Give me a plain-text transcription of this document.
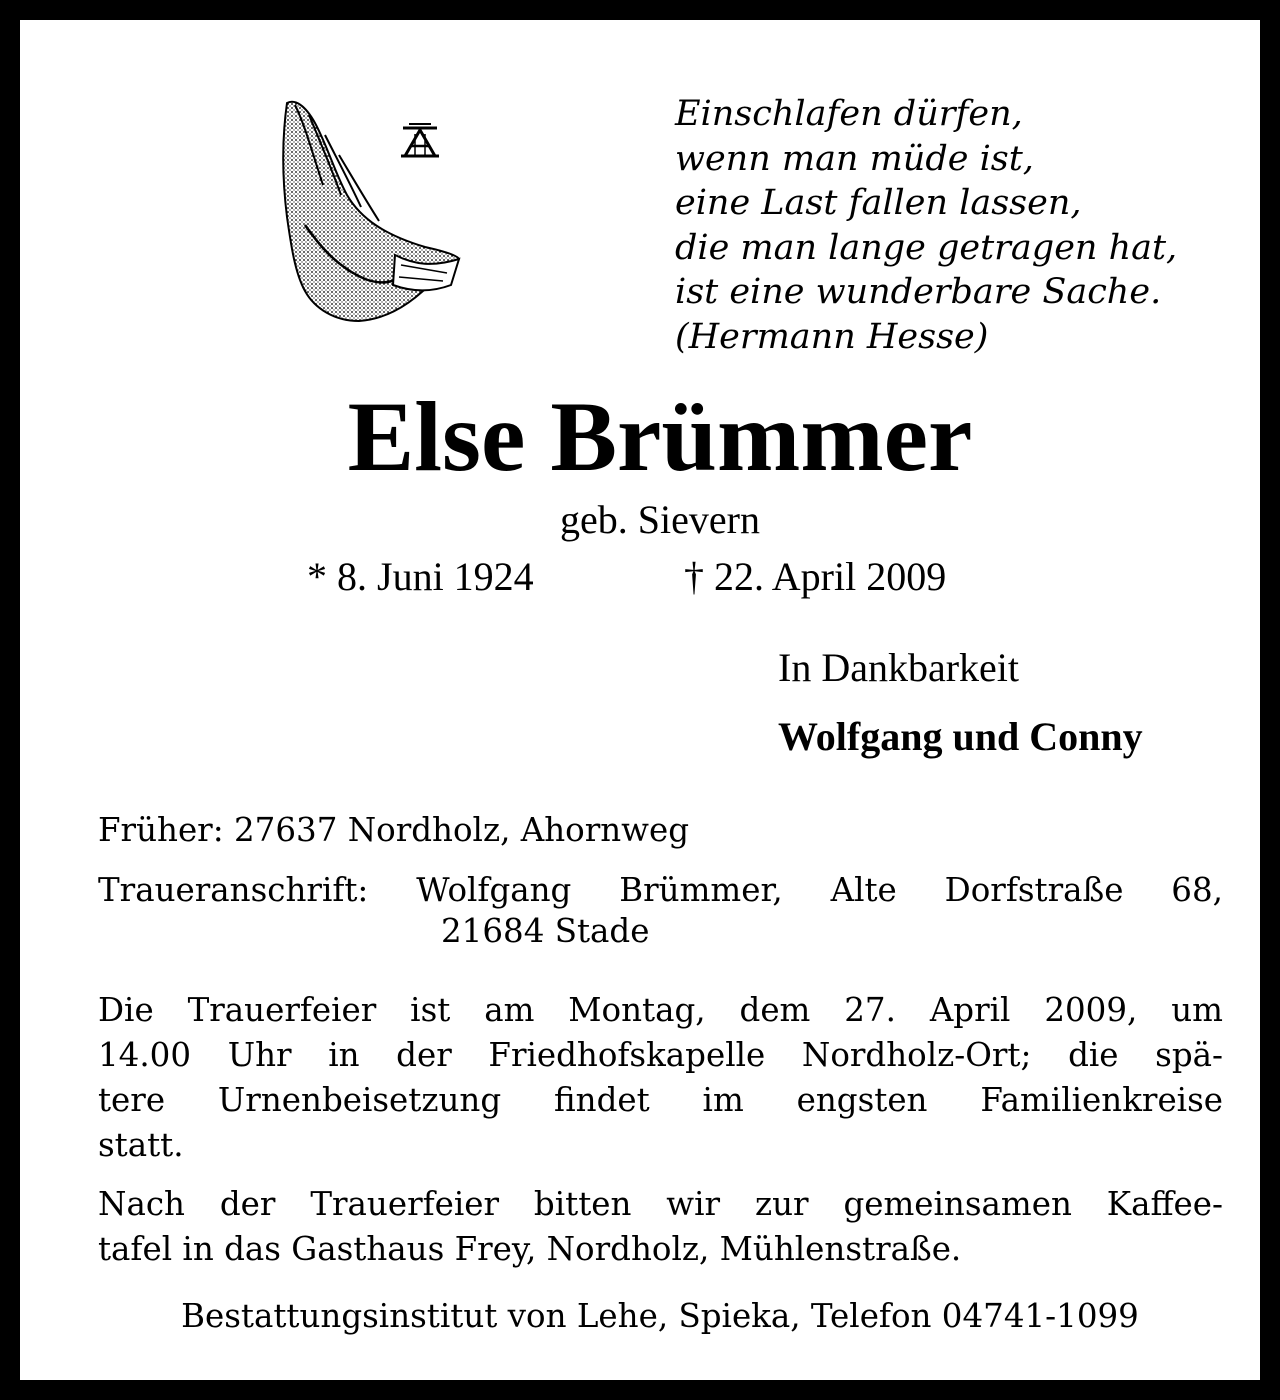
Einschlafen dürfen,
wenn man müde ist,
eine Last fallen lassen,
die man lange getragen hat,
ist eine wunderbare Sache.
(Hermann Hesse)
Else Brümmer
geb. Sievern
* 8. Juni 1924	† 22. April 2009
In Dankbarkeit
Wolfgang und Conny
Früher: 27637 Nordholz, Ahornweg
Traueranschrift: Wolfgang Brümmer, Alte Dorfstraße 68,
21684 Stade
Die Trauerfeier ist am Montag, dem 27. April 2009, um
14.00 Uhr in der Friedhofskapelle Nordholz-Ort; die spä-
tere Urnenbeisetzung findet im engsten Familienkreise
statt.
Nach der Trauerfeier bitten wir zur gemeinsamen Kaffee-
tafel in das Gasthaus Frey, Nordholz, Mühlenstraße.
Bestattungsinstitut von Lehe, Spieka, Telefon 04741-1099
